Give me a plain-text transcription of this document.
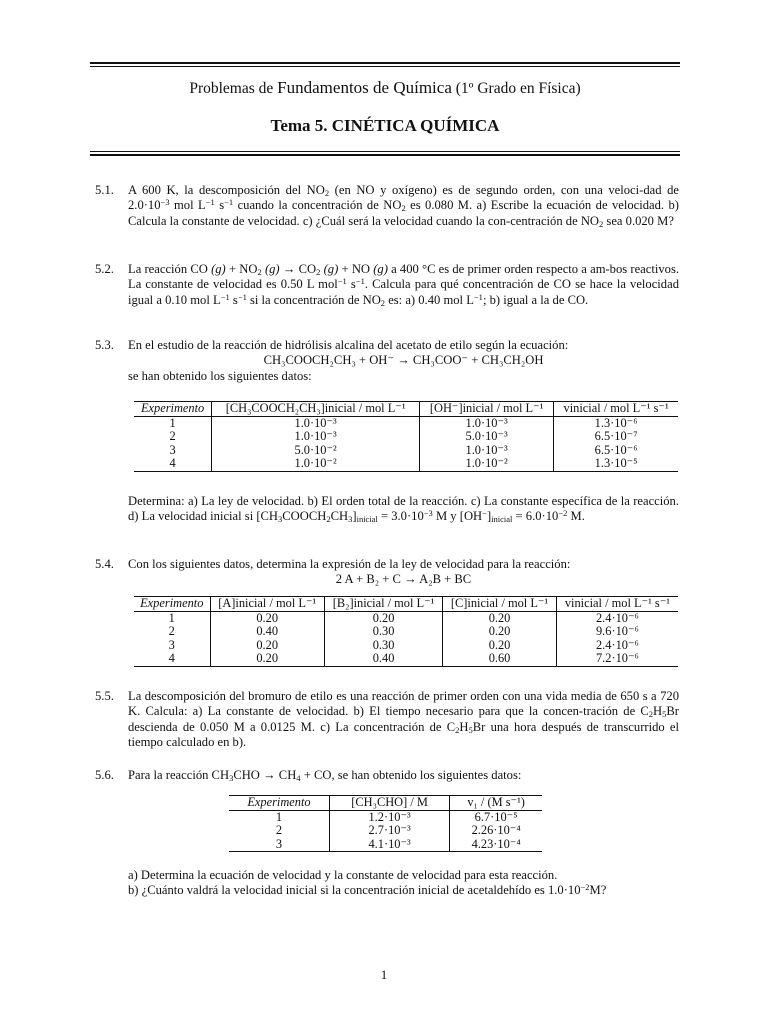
Problemas de Fundamentos de Química (1º Grado en Física)
Tema 5. CINÉTICA QUÍMICA
5.1.	A 600 K, la descomposición del $NO_2$ (en NO y oxígeno) es de segundo orden, con una veloci-dad de $2.0\cdot 10^{-3}$ mol $L^{-1}$ $s^{-1}$ cuando la concentración de $NO_2$ es 0.080 M. a) Escribe la ecuación de velocidad. b) Calcula la constante de velocidad. c) ¿Cuál será la velocidad cuando la con-centración de $NO_2$ sea 0.020 M?
5.2.	La reacción CO $(g) + NO_2$ $(g) \to CO_2$ (g) + NO (g) a 400 °C es de primer orden respecto a am-bos reactivos. La constante de velocidad es 0.50 L mol$^{-1}$ $s^{-1}$. Calcula para qué concentración de CO se hace la velocidad igual a 0.10 mol $L^{-1}$ $s^{-1}$ si la concentración de $NO_2$ es: a) 0.40 mol $L^{-1}$; b) igual a la de CO.
5.3.	En el estudio de la reacción de hidrólisis alcalina del acetato de etilo según la ecuación:
CH₃COOCH₂CH₃ + OH⁻ → CH₃COO⁻ + CH₃CH₂OH
se han obtenido los siguientes datos:
Experimento	[CH₃COOCH₂CH₃]inicial / mol L⁻¹	[OH⁻]inicial / mol L⁻¹	vinicial / mol L⁻¹ s⁻¹
1	1.0·10⁻³	1.0·10⁻³	1.3·10⁻⁶
2	1.0·10⁻³	5.0·10⁻³	6.5·10⁻⁷
3	5.0·10⁻²	1.0·10⁻³	6.5·10⁻⁶
4	1.0·10⁻²	1.0·10⁻²	1.3·10⁻⁵
Determina: a) La ley de velocidad. b) El orden total de la reacción. c) La constante específica de la reacción. d) La velocidad inicial si $[CH_3COOCH_2CH_3]_{inicial} = 3.0\cdot 10^{-3}$ M y $[OH^-]_{inicial} = 6.0\cdot 10^{-2}$ M.
5.4.	Con los siguientes datos, determina la expresión de la ley de velocidad para la reacción:
2 A + B₂ + C → A₂B + BC
Experimento	[A]inicial / mol L⁻¹	[B₂]inicial / mol L⁻¹	[C]inicial / mol L⁻¹	vinicial / mol L⁻¹ s⁻¹
1	0.20	0.20	0.20	2.4·10⁻⁶
2	0.40	0.30	0.20	9.6·10⁻⁶
3	0.20	0.30	0.20	2.4·10⁻⁶
4	0.20	0.40	0.60	7.2·10⁻⁶
5.5.	La descomposición del bromuro de etilo es una reacción de primer orden con una vida media de 650 s a 720 K. Calcula: a) La constante de velocidad. b) El tiempo necesario para que la concen-tración de $C_2H_5Br$ descienda de 0.050 M a 0.0125 M. c) La concentración de $C_2H_5Br$ una hora después de transcurrido el tiempo calculado en b).
5.6.	Para la reacción $CH_3CHO \to CH_4$ + CO, se han obtenido los siguientes datos:
Experimento	[CH₃CHO] / M	v₁ / (M s⁻¹)
1	1.2·10⁻³	6.7·10⁻⁵
2	2.7·10⁻³	2.26·10⁻⁴
3	4.1·10⁻³	4.23·10⁻⁴
a) Determina la ecuación de velocidad y la constante de velocidad para esta reacción.
b) ¿Cuánto valdrá la velocidad inicial si la concentración inicial de acetaldehído es $1.0\cdot 10^{-2}M$?
1
